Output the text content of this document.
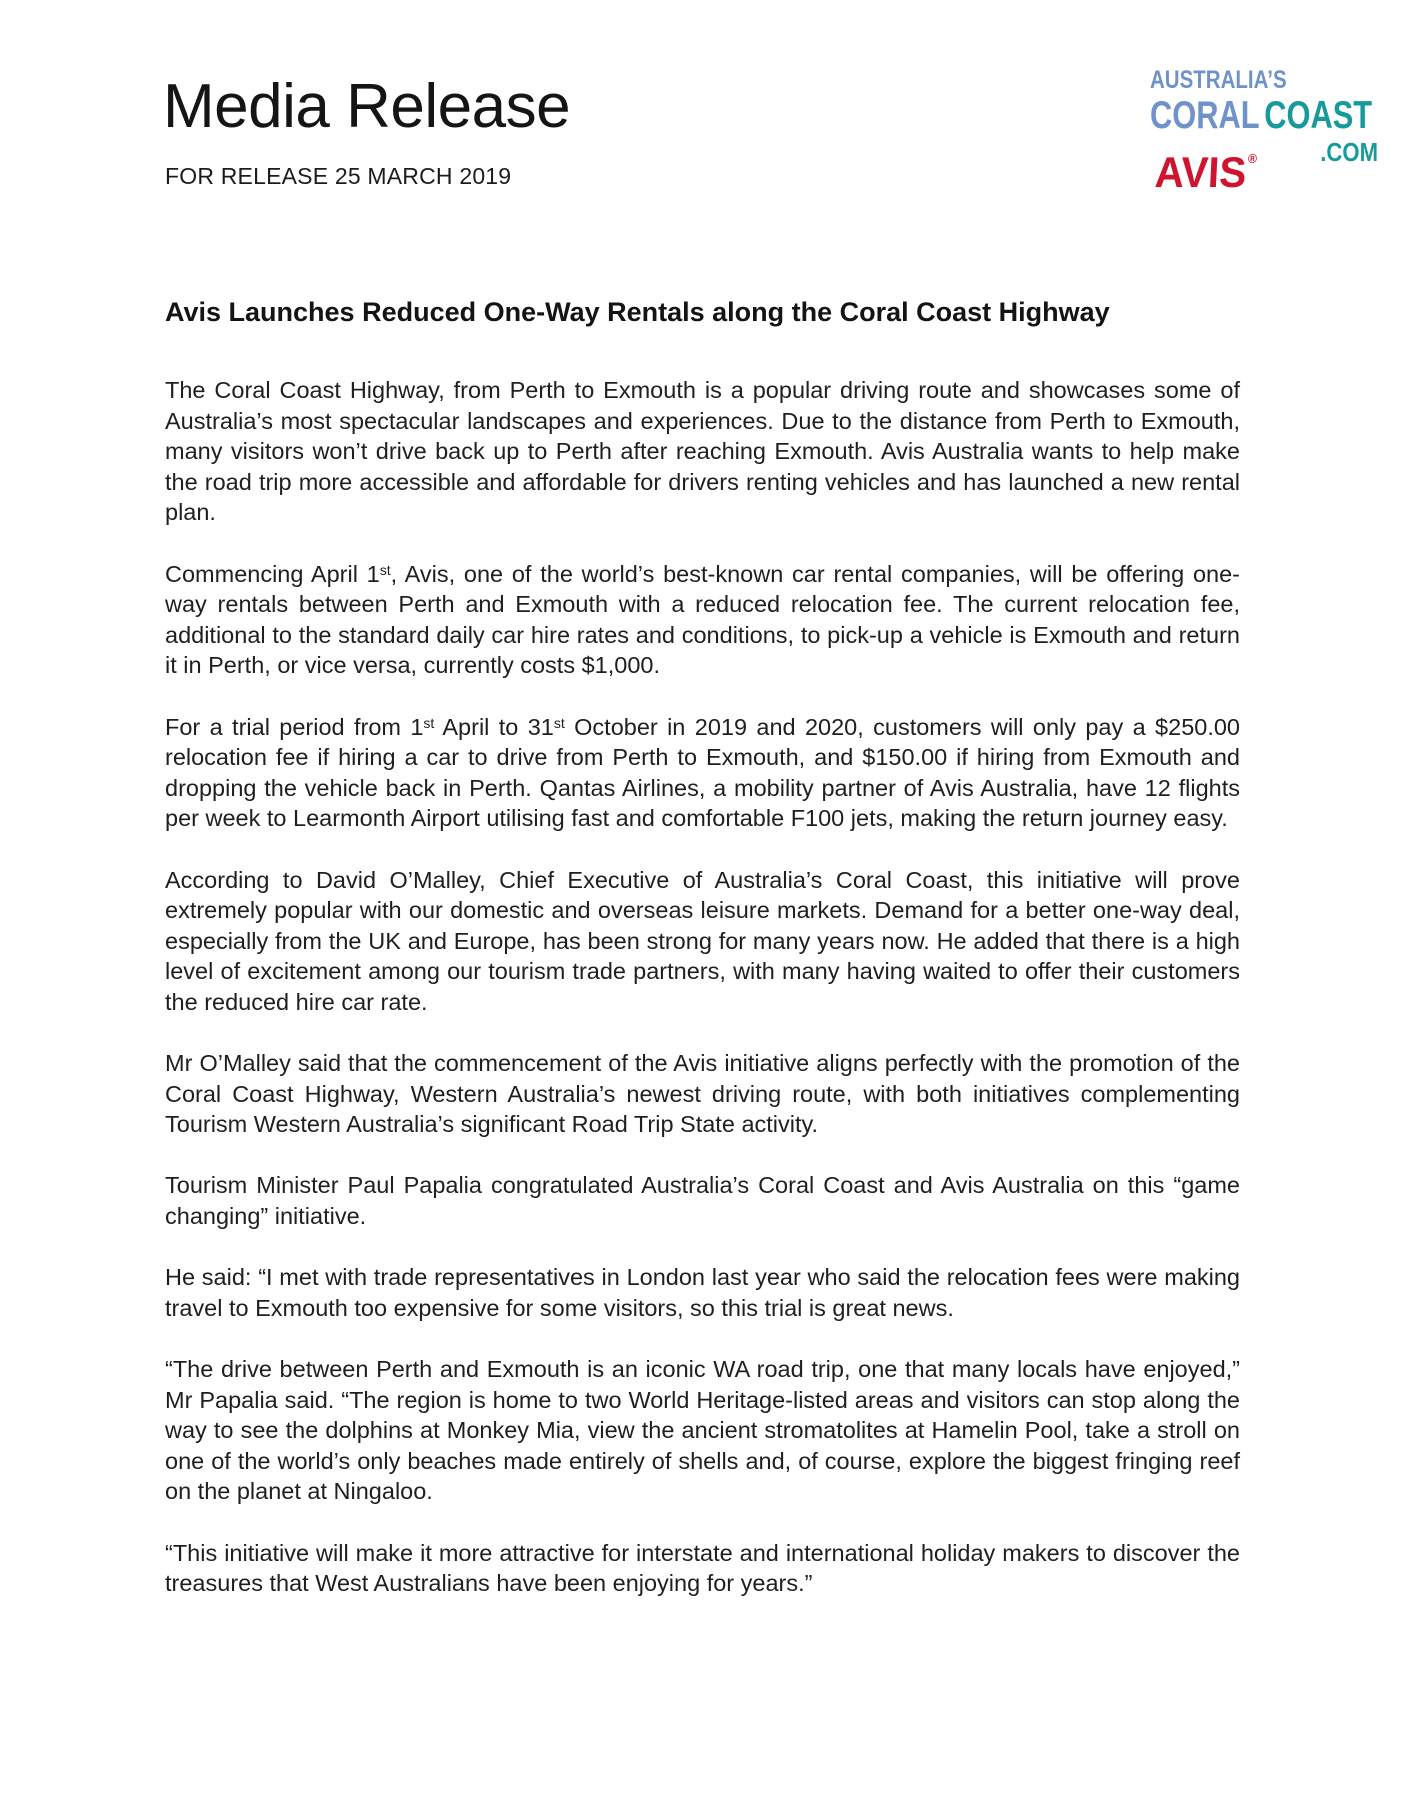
Media Release
FOR RELEASE 25 MARCH 2019
AUSTRALIA’S
CORAL COAST
.COM
AVIS®
Avis Launches Reduced One-Way Rentals along the Coral Coast Highway

The Coral Coast Highway, from Perth to Exmouth is a popular driving route and showcases some of Australia’s most spectacular landscapes and experiences. Due to the distance from Perth to Exmouth, many visitors won’t drive back up to Perth after reaching Exmouth. Avis Australia wants to help make the road trip more accessible and affordable for drivers renting vehicles and has launched a new rental plan.

Commencing April 1st, Avis, one of the world’s best-known car rental companies, will be offering one-way rentals between Perth and Exmouth with a reduced relocation fee. The current relocation fee, additional to the standard daily car hire rates and conditions, to pick-up a vehicle is Exmouth and return it in Perth, or vice versa, currently costs $1,000.

For a trial period from 1st April to 31st October in 2019 and 2020, customers will only pay a $250.00 relocation fee if hiring a car to drive from Perth to Exmouth, and $150.00 if hiring from Exmouth and dropping the vehicle back in Perth. Qantas Airlines, a mobility partner of Avis Australia, have 12 flights per week to Learmonth Airport utilising fast and comfortable F100 jets, making the return journey easy.

According to David O’Malley, Chief Executive of Australia’s Coral Coast, this initiative will prove extremely popular with our domestic and overseas leisure markets. Demand for a better one-way deal, especially from the UK and Europe, has been strong for many years now. He added that there is a high level of excitement among our tourism trade partners, with many having waited to offer their customers the reduced hire car rate.

Mr O’Malley said that the commencement of the Avis initiative aligns perfectly with the promotion of the Coral Coast Highway, Western Australia’s newest driving route, with both initiatives complementing Tourism Western Australia’s significant Road Trip State activity.

Tourism Minister Paul Papalia congratulated Australia’s Coral Coast and Avis Australia on this “game changing” initiative.

He said: “I met with trade representatives in London last year who said the relocation fees were making travel to Exmouth too expensive for some visitors, so this trial is great news.

“The drive between Perth and Exmouth is an iconic WA road trip, one that many locals have enjoyed,” Mr Papalia said. “The region is home to two World Heritage-listed areas and visitors can stop along the way to see the dolphins at Monkey Mia, view the ancient stromatolites at Hamelin Pool, take a stroll on one of the world’s only beaches made entirely of shells and, of course, explore the biggest fringing reef on the planet at Ningaloo.

“This initiative will make it more attractive for interstate and international holiday makers to discover the treasures that West Australians have been enjoying for years.”
